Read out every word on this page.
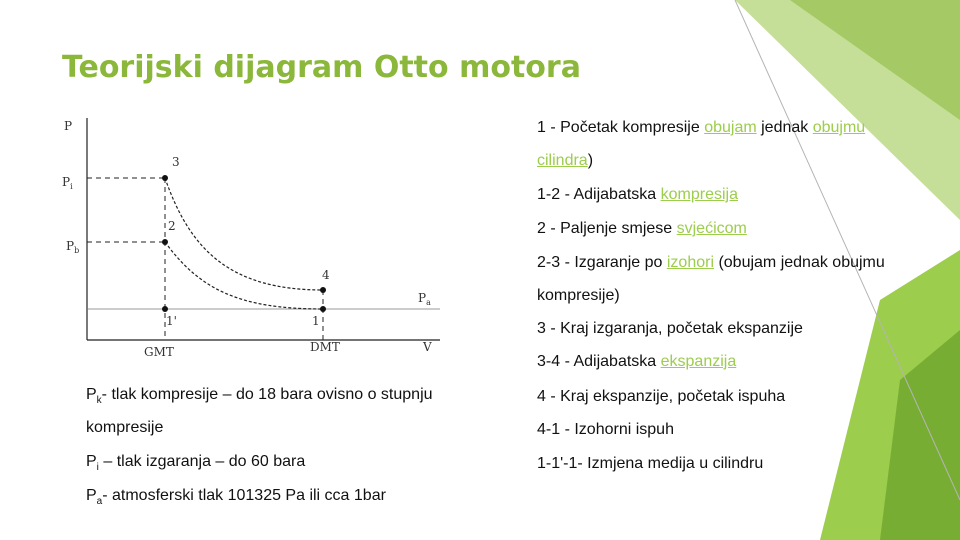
Teorijski dijagram Otto motora
P
$P_i$
$P_b$
$P_a$
3
2
4
1'	1
GMT	DMT	V
1 - Početak kompresije obujam jednak obujmu
cilindra)
1-2 - Adijabatska kompresija
2 - Paljenje smjese svjećicom
2-3 - Izgaranje po izohori (obujam jednak obujmu
kompresije)
3 - Kraj izgaranja, početak ekspanzije
3-4 - Adijabatska ekspanzija
4 - Kraj ekspanzije, početak ispuha
4-1 - Izohorni ispuh
1-1'-1- Izmjena medija u cilindru
$P_k-$ tlak kompresije – do 18 bara ovisno o stupnju
kompresije
$P_i$ – tlak izgaranja – do 60 bara
$P_a-$ atmosferski tlak 101325 Pa ili cca 1bar
